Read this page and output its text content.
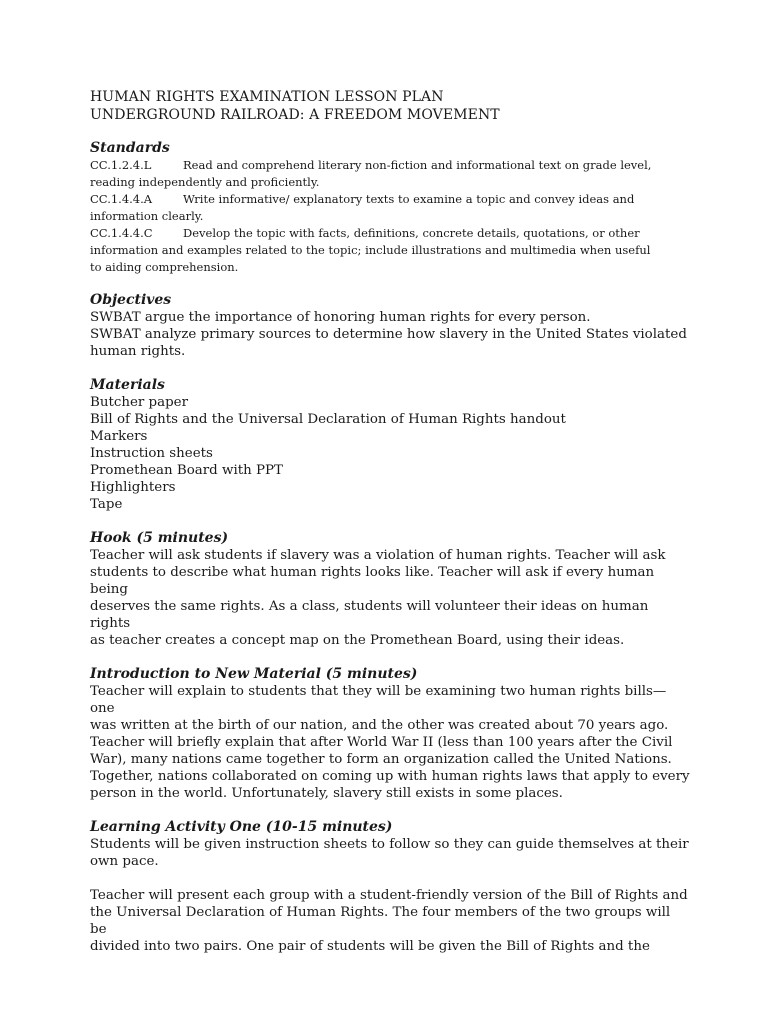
HUMAN RIGHTS EXAMINATION LESSON PLAN

UNDERGROUND RAILROAD: A FREEDOM MOVEMENT

Standards

CC.1.2.4.L	Read and comprehend literary non-fiction and informational text on grade level,

reading independently and proficiently.

CC.1.4.4.A	Write informative/ explanatory texts to examine a topic and convey ideas and

information clearly.

CC.1.4.4.C	Develop the topic with facts, definitions, concrete details, quotations, or other

information and examples related to the topic; include illustrations and multimedia when useful

to aiding comprehension.

Objectives

SWBAT argue the importance of honoring human rights for every person.

SWBAT analyze primary sources to determine how slavery in the United States violated

human rights.

Materials
Butcher paper
Bill of Rights and the Universal Declaration of Human Rights handout
Markers
Instruction sheets
Promethean Board with PPT
Highlighters
Tape
Hook (5 minutes)

Teacher will ask students if slavery was a violation of human rights. Teacher will ask

students to describe what human rights looks like. Teacher will ask if every human being

deserves the same rights. As a class, students will volunteer their ideas on human rights

as teacher creates a concept map on the Promethean Board, using their ideas.

Introduction to New Material (5 minutes)

Teacher will explain to students that they will be examining two human rights bills—one

was written at the birth of our nation, and the other was created about 70 years ago.

Teacher will briefly explain that after World War II (less than 100 years after the Civil

War), many nations came together to form an organization called the United Nations.

Together, nations collaborated on coming up with human rights laws that apply to every

person in the world. Unfortunately, slavery still exists in some places.

Learning Activity One (10-15 minutes)

Students will be given instruction sheets to follow so they can guide themselves at their

own pace.

Teacher will present each group with a student-friendly version of the Bill of Rights and

the Universal Declaration of Human Rights. The four members of the two groups will be

divided into two pairs. One pair of students will be given the Bill of Rights and the
